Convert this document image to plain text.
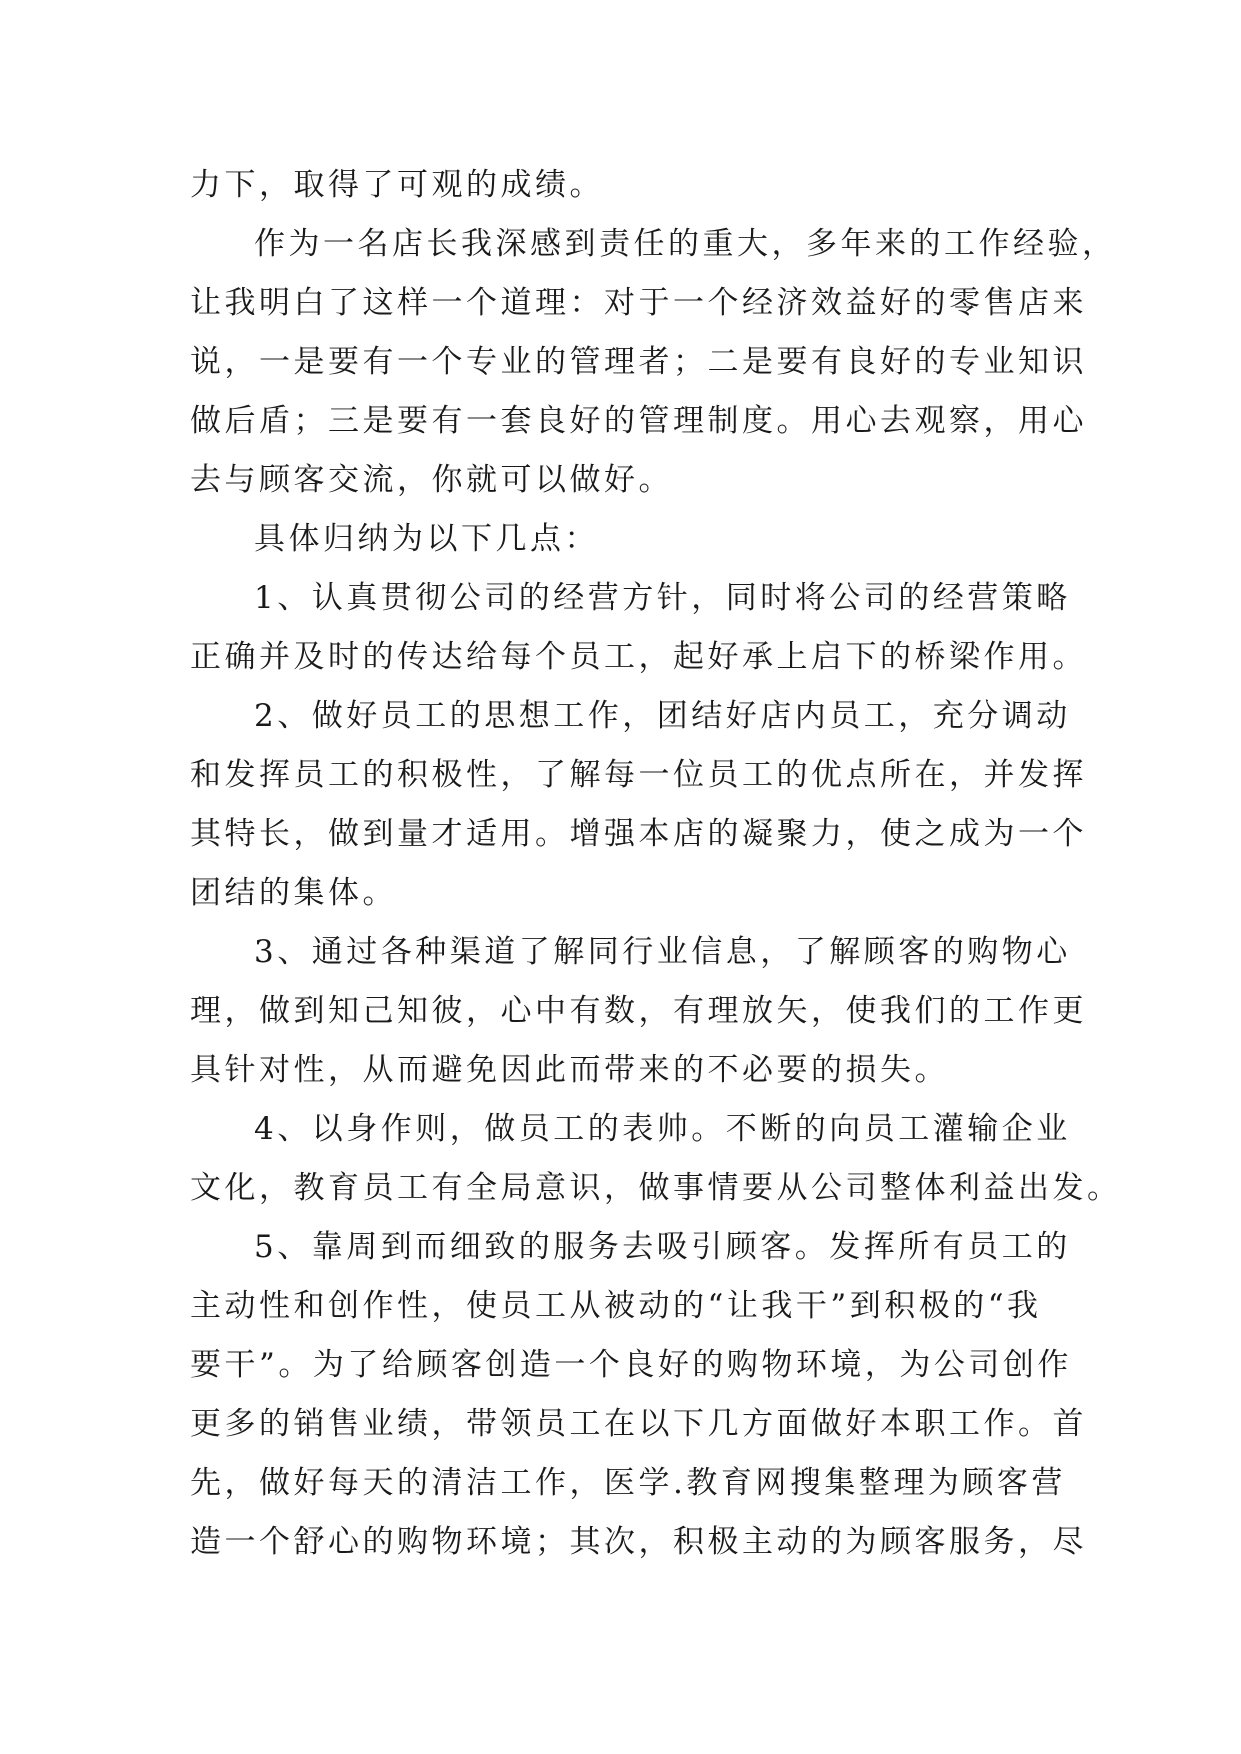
力下，取得了可观的成绩。
作为一名店长我深感到责任的重大，多年来的工作经验，
让我明白了这样一个道理：对于一个经济效益好的零售店来
说，一是要有一个专业的管理者；二是要有良好的专业知识
做后盾；三是要有一套良好的管理制度。用心去观察，用心
去与顾客交流，你就可以做好。
具体归纳为以下几点：
1、认真贯彻公司的经营方针，同时将公司的经营策略
正确并及时的传达给每个员工，起好承上启下的桥梁作用。
2、做好员工的思想工作，团结好店内员工，充分调动
和发挥员工的积极性，了解每一位员工的优点所在，并发挥
其特长，做到量才适用。增强本店的凝聚力，使之成为一个
团结的集体。
3、通过各种渠道了解同行业信息，了解顾客的购物心
理，做到知己知彼，心中有数，有理放矢，使我们的工作更
具针对性，从而避免因此而带来的不必要的损失。
4、以身作则，做员工的表帅。不断的向员工灌输企业
文化，教育员工有全局意识，做事情要从公司整体利益出发。
5、靠周到而细致的服务去吸引顾客。发挥所有员工的
主动性和创作性，使员工从被动的“让我干”到积极的“我
要干”。为了给顾客创造一个良好的购物环境，为公司创作
更多的销售业绩，带领员工在以下几方面做好本职工作。首
先，做好每天的清洁工作，医学.教育网搜集整理为顾客营
造一个舒心的购物环境；其次，积极主动的为顾客服务，尽
